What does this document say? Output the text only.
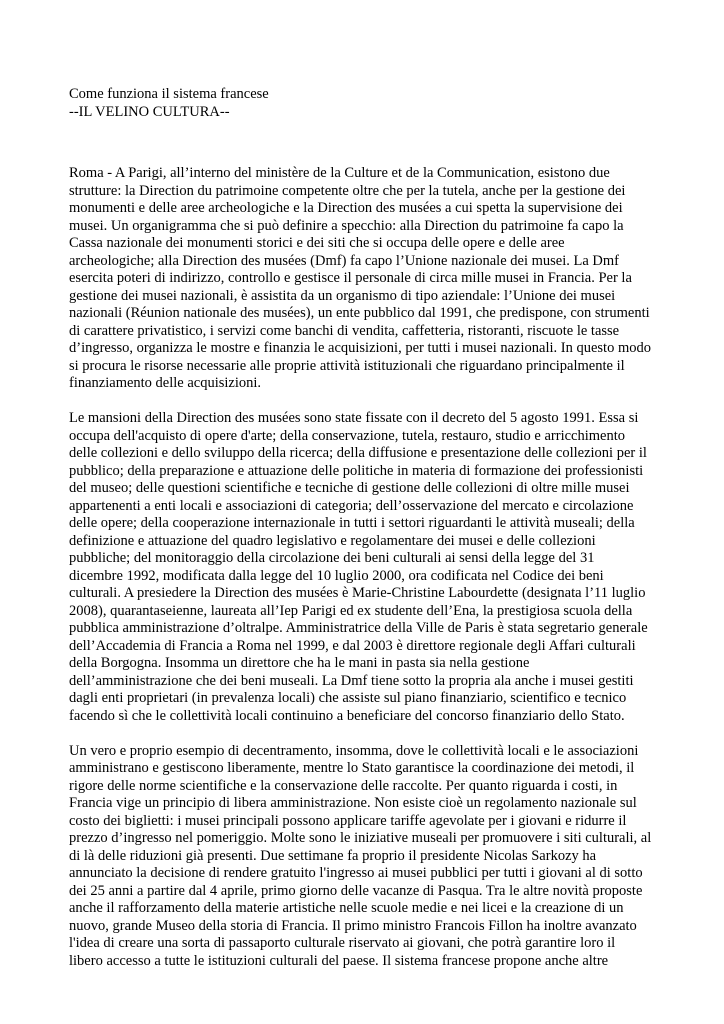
Come funziona il sistema francese
--IL VELINO CULTURA--
Roma - A Parigi, all’interno del ministère de la Culture et de la Communication, esistono due
strutture: la Direction du patrimoine competente oltre che per la tutela, anche per la gestione dei
monumenti e delle aree archeologiche e la Direction des musées a cui spetta la supervisione dei
musei. Un organigramma che si può definire a specchio: alla Direction du patrimoine fa capo la
Cassa nazionale dei monumenti storici e dei siti che si occupa delle opere e delle aree
archeologiche; alla Direction des musées (Dmf) fa capo l’Unione nazionale dei musei. La Dmf
esercita poteri di indirizzo, controllo e gestisce il personale di circa mille musei in Francia. Per la
gestione dei musei nazionali, è assistita da un organismo di tipo aziendale: l’Unione dei musei
nazionali (Réunion nationale des musées), un ente pubblico dal 1991, che predispone, con strumenti
di carattere privatistico, i servizi come banchi di vendita, caffetteria, ristoranti, riscuote le tasse
d’ingresso, organizza le mostre e finanzia le acquisizioni, per tutti i musei nazionali. In questo modo
si procura le risorse necessarie alle proprie attività istituzionali che riguardano principalmente il
finanziamento delle acquisizioni.
Le mansioni della Direction des musées sono state fissate con il decreto del 5 agosto 1991. Essa si
occupa dell'acquisto di opere d'arte; della conservazione, tutela, restauro, studio e arricchimento
delle collezioni e dello sviluppo della ricerca; della diffusione e presentazione delle collezioni per il
pubblico; della preparazione e attuazione delle politiche in materia di formazione dei professionisti
del museo; delle questioni scientifiche e tecniche di gestione delle collezioni di oltre mille musei
appartenenti a enti locali e associazioni di categoria; dell’osservazione del mercato e circolazione
delle opere; della cooperazione internazionale in tutti i settori riguardanti le attività museali; della
definizione e attuazione del quadro legislativo e regolamentare dei musei e delle collezioni
pubbliche; del monitoraggio della circolazione dei beni culturali ai sensi della legge del 31
dicembre 1992, modificata dalla legge del 10 luglio 2000, ora codificata nel Codice dei beni
culturali. A presiedere la Direction des musées è Marie-Christine Labourdette (designata l’11 luglio
2008), quarantaseienne, laureata all’Iep Parigi ed ex studente dell’Ena, la prestigiosa scuola della
pubblica amministrazione d’oltralpe. Amministratrice della Ville de Paris è stata segretario generale
dell’Accademia di Francia a Roma nel 1999, e dal 2003 è direttore regionale degli Affari culturali
della Borgogna. Insomma un direttore che ha le mani in pasta sia nella gestione
dell’amministrazione che dei beni museali. La Dmf tiene sotto la propria ala anche i musei gestiti
dagli enti proprietari (in prevalenza locali) che assiste sul piano finanziario, scientifico e tecnico
facendo sì che le collettività locali continuino a beneficiare del concorso finanziario dello Stato.
Un vero e proprio esempio di decentramento, insomma, dove le collettività locali e le associazioni
amministrano e gestiscono liberamente, mentre lo Stato garantisce la coordinazione dei metodi, il
rigore delle norme scientifiche e la conservazione delle raccolte. Per quanto riguarda i costi, in
Francia vige un principio di libera amministrazione. Non esiste cioè un regolamento nazionale sul
costo dei biglietti: i musei principali possono applicare tariffe agevolate per i giovani e ridurre il
prezzo d’ingresso nel pomeriggio. Molte sono le iniziative museali per promuovere i siti culturali, al
di là delle riduzioni già presenti. Due settimane fa proprio il presidente Nicolas Sarkozy ha
annunciato la decisione di rendere gratuito l'ingresso ai musei pubblici per tutti i giovani al di sotto
dei 25 anni a partire dal 4 aprile, primo giorno delle vacanze di Pasqua. Tra le altre novità proposte
anche il rafforzamento della materie artistiche nelle scuole medie e nei licei e la creazione di un
nuovo, grande Museo della storia di Francia. Il primo ministro Francois Fillon ha inoltre avanzato
l'idea di creare una sorta di passaporto culturale riservato ai giovani, che potrà garantire loro il
libero accesso a tutte le istituzioni culturali del paese. Il sistema francese propone anche altre
